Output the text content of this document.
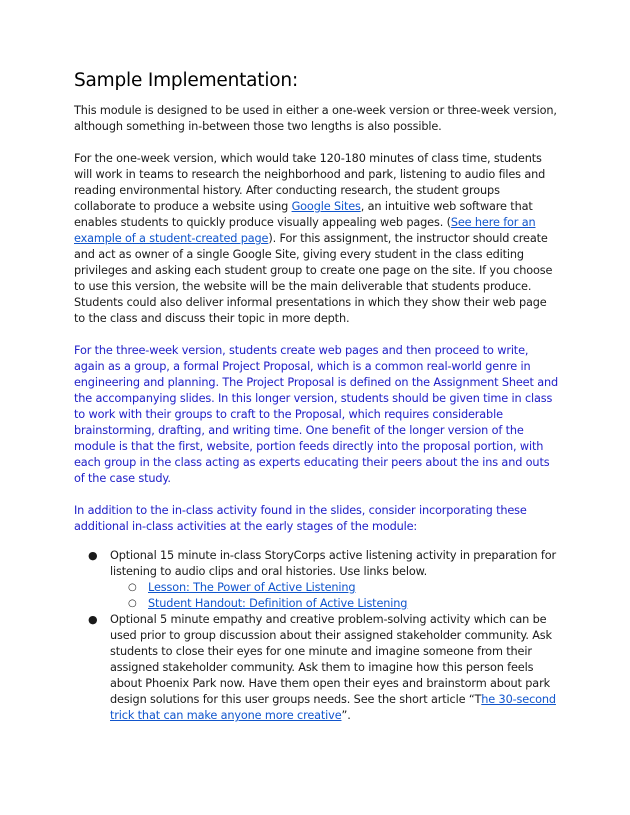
Sample Implementation:

This module is designed to be used in either a one-week version or three-week version, although something in-between those two lengths is also possible.

For the one-week version, which would take 120-180 minutes of class time, students will work in teams to research the neighborhood and park, listening to audio files and reading environmental history. After conducting research, the student groups collaborate to produce a website using Google Sites, an intuitive web software that enables students to quickly produce visually appealing web pages. (See here for an example of a student-created page). For this assignment, the instructor should create and act as owner of a single Google Site, giving every student in the class editing privileges and asking each student group to create one page on the site. If you choose to use this version, the website will be the main deliverable that students produce. Students could also deliver informal presentations in which they show their web page to the class and discuss their topic in more depth.

For the three-week version, students create web pages and then proceed to write, again as a group, a formal Project Proposal, which is a common real-world genre in engineering and planning. The Project Proposal is defined on the Assignment Sheet and the accompanying slides. In this longer version, students should be given time in class to work with their groups to craft to the Proposal, which requires considerable brainstorming, drafting, and writing time. One benefit of the longer version of the module is that the first, website, portion feeds directly into the proposal portion, with each group in the class acting as experts educating their peers about the ins and outs of the case study.

In addition to the in-class activity found in the slides, consider incorporating these additional in-class activities at the early stages of the module:

● Optional 15 minute in-class StoryCorps active listening activity in preparation for listening to audio clips and oral histories. Use links below.
○ Lesson: The Power of Active Listening
○ Student Handout: Definition of Active Listening
● Optional 5 minute empathy and creative problem-solving activity which can be used prior to group discussion about their assigned stakeholder community. Ask students to close their eyes for one minute and imagine someone from their assigned stakeholder community. Ask them to imagine how this person feels about Phoenix Park now. Have them open their eyes and brainstorm about park design solutions for this user groups needs. See the short article “The 30-second trick that can make anyone more creative”.
